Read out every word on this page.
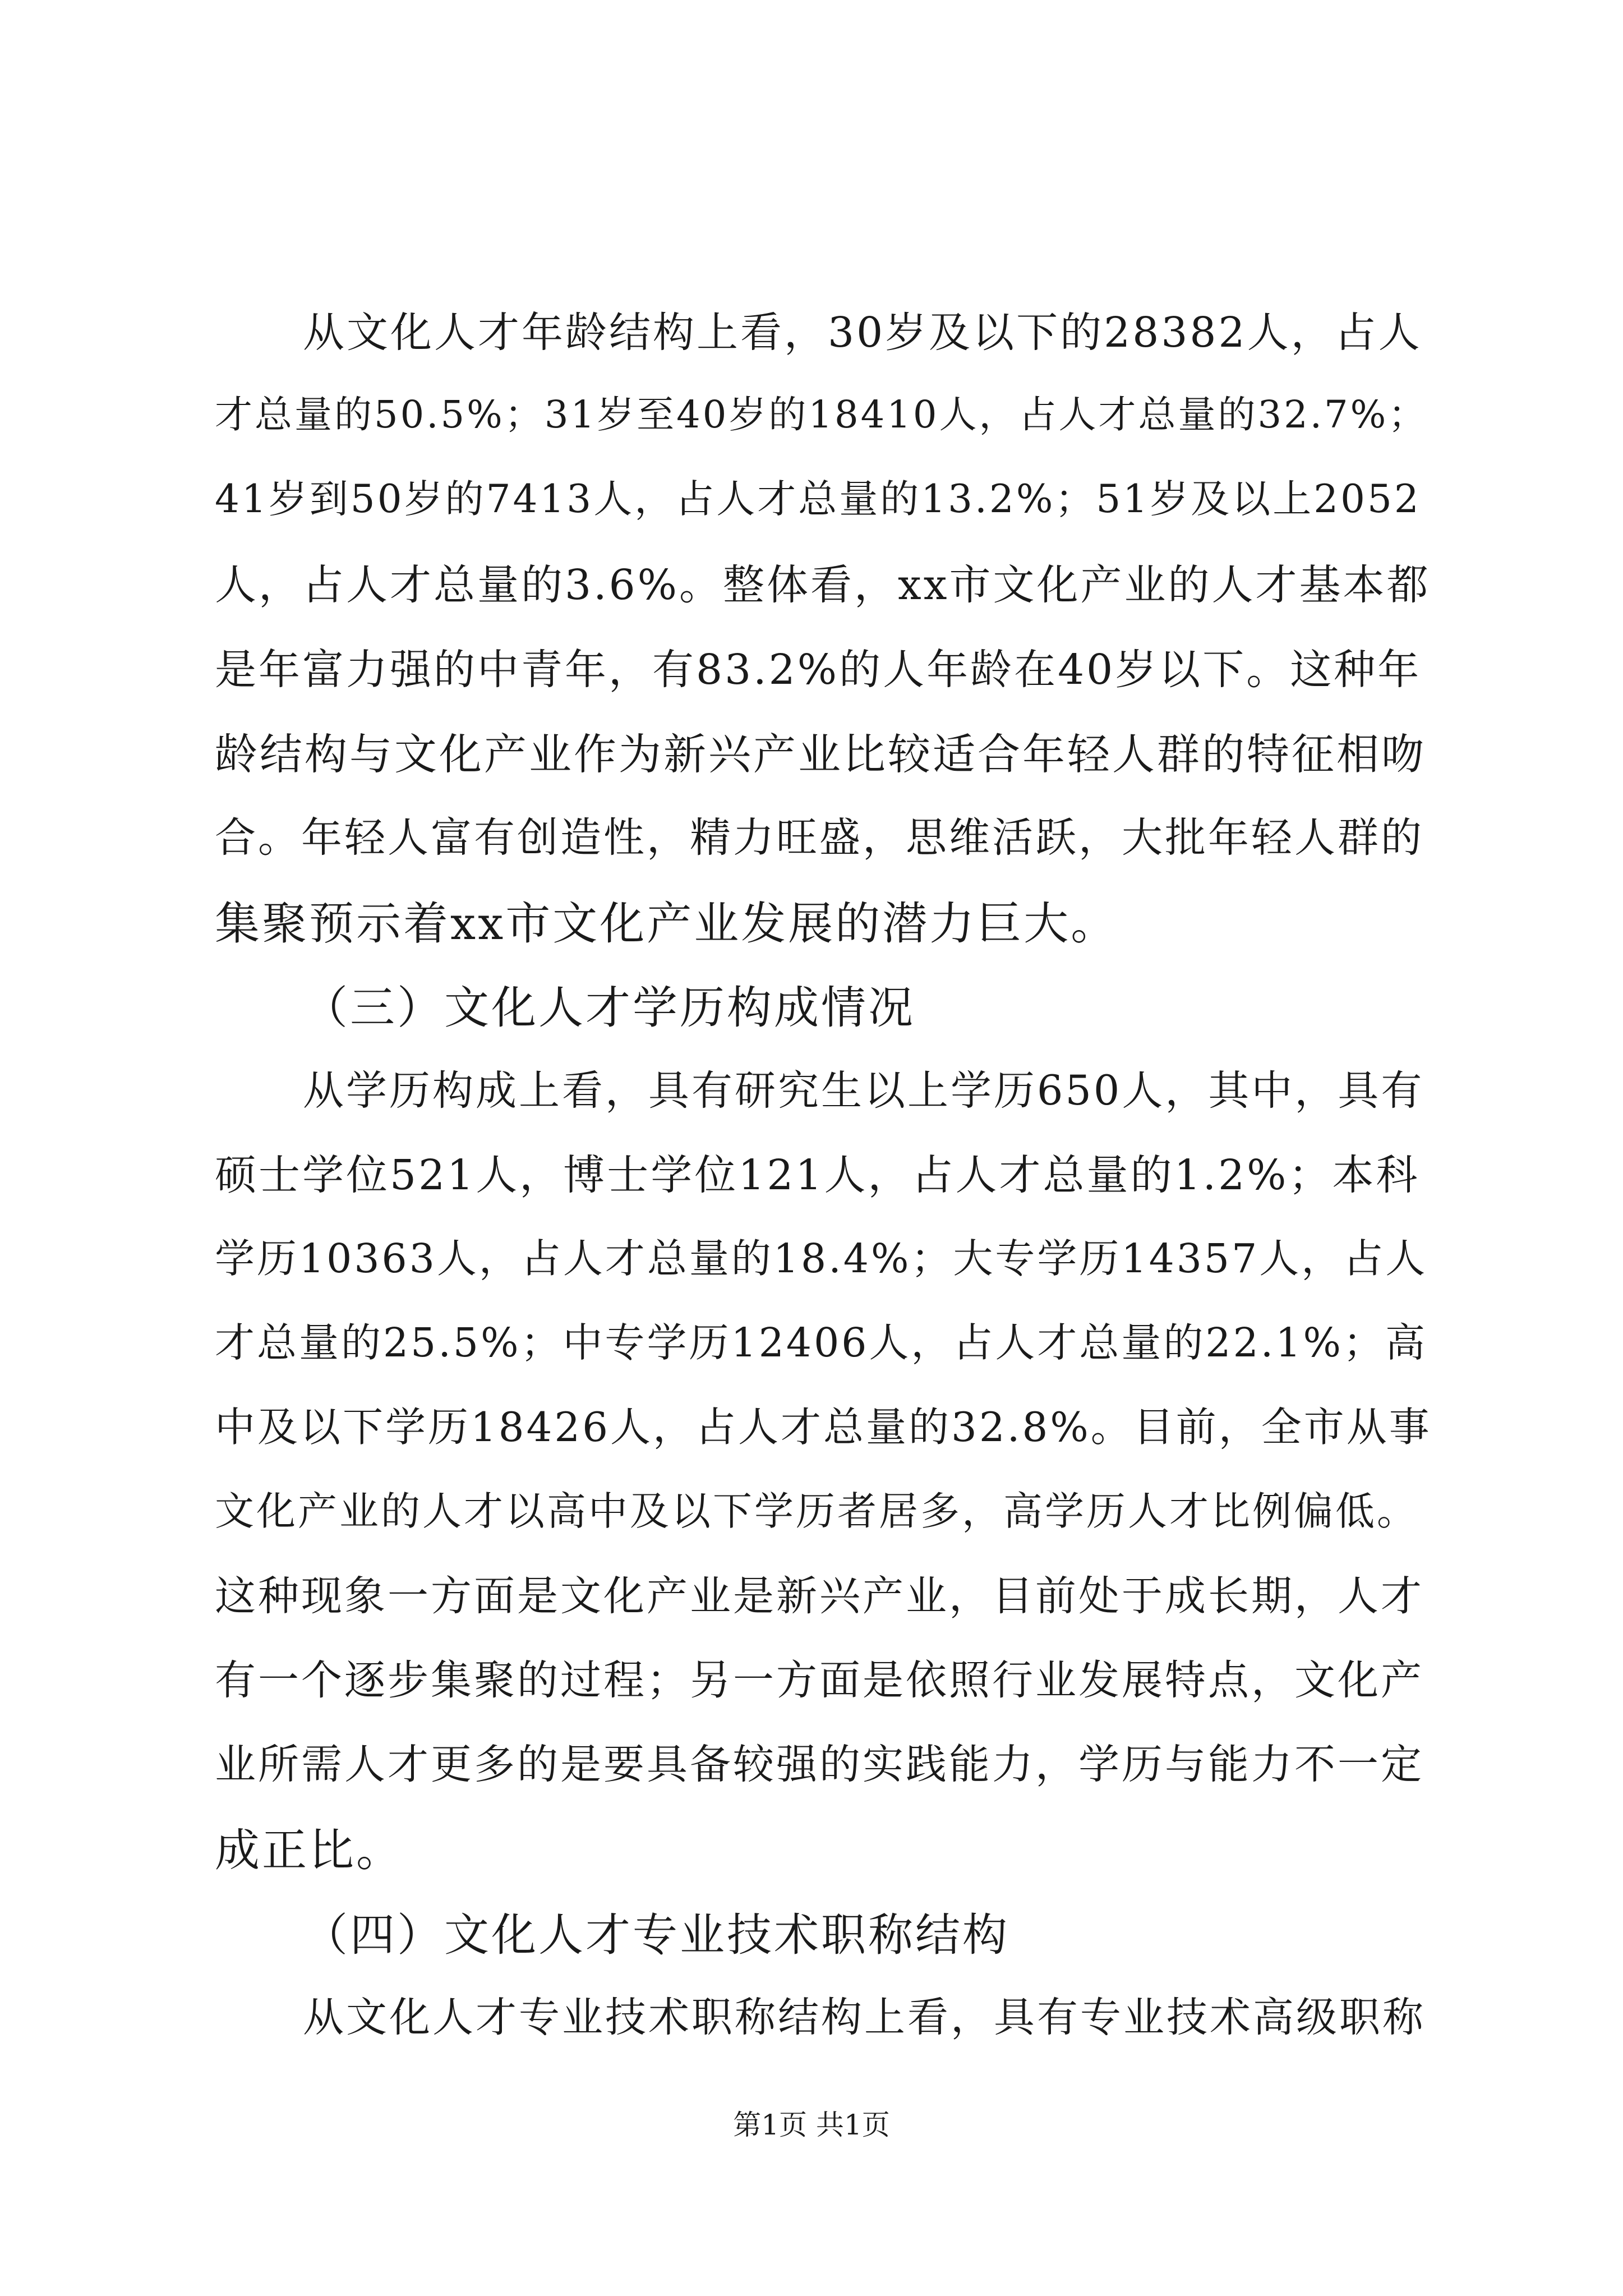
从文化人才年龄结构上看，30岁及以下的28382人，占人
才总量的50.5%；31岁至40岁的18410人，占人才总量的32.7%；
41岁到50岁的7413人，占人才总量的13.2%；51岁及以上2052
人，占人才总量的3.6%。整体看，xx市文化产业的人才基本都
是年富力强的中青年，有83.2%的人年龄在40岁以下。这种年
龄结构与文化产业作为新兴产业比较适合年轻人群的特征相吻
合。年轻人富有创造性，精力旺盛，思维活跃，大批年轻人群的
集聚预示着xx市文化产业发展的潜力巨大。
（三）文化人才学历构成情况
从学历构成上看，具有研究生以上学历650人，其中，具有
硕士学位521人，博士学位121人，占人才总量的1.2%；本科
学历10363人，占人才总量的18.4%；大专学历14357人，占人
才总量的25.5%；中专学历12406人，占人才总量的22.1%；高
中及以下学历18426人，占人才总量的32.8%。目前，全市从事
文化产业的人才以高中及以下学历者居多，高学历人才比例偏低。
这种现象一方面是文化产业是新兴产业，目前处于成长期，人才
有一个逐步集聚的过程；另一方面是依照行业发展特点，文化产
业所需人才更多的是要具备较强的实践能力，学历与能力不一定
成正比。
（四）文化人才专业技术职称结构
从文化人才专业技术职称结构上看，具有专业技术高级职称
第1页 共1页
